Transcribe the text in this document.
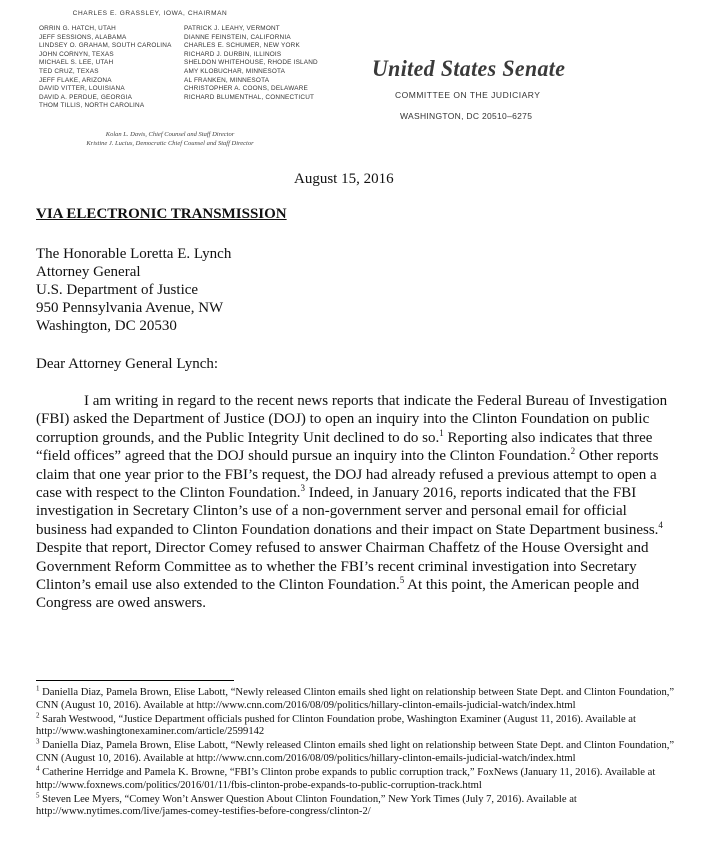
CHARLES E. GRASSLEY, IOWA, CHAIRMAN
ORRIN G. HATCH, UTAH
JEFF SESSIONS, ALABAMA
LINDSEY O. GRAHAM, SOUTH CAROLINA
JOHN CORNYN, TEXAS
MICHAEL S. LEE, UTAH
TED CRUZ, TEXAS
JEFF FLAKE, ARIZONA
DAVID VITTER, LOUISIANA
DAVID A. PERDUE, GEORGIA
THOM TILLIS, NORTH CAROLINA
PATRICK J. LEAHY, VERMONT
DIANNE FEINSTEIN, CALIFORNIA
CHARLES E. SCHUMER, NEW YORK
RICHARD J. DURBIN, ILLINOIS
SHELDON WHITEHOUSE, RHODE ISLAND
AMY KLOBUCHAR, MINNESOTA
AL FRANKEN, MINNESOTA
CHRISTOPHER A. COONS, DELAWARE
RICHARD BLUMENTHAL, CONNECTICUT
United States Senate
COMMITTEE ON THE JUDICIARY
WASHINGTON, DC 20510–6275
Kolan L. Davis, Chief Counsel and Staff Director
Kristine J. Lucius, Democratic Chief Counsel and Staff Director
August 15, 2016
VIA ELECTRONIC TRANSMISSION
The Honorable Loretta E. Lynch
Attorney General
U.S. Department of Justice
950 Pennsylvania Avenue, NW
Washington, DC 20530
Dear Attorney General Lynch:

I am writing in regard to the recent news reports that indicate the Federal Bureau of Investigation (FBI) asked the Department of Justice (DOJ) to open an inquiry into the Clinton Foundation on public corruption grounds, and the Public Integrity Unit declined to do so.$^1$ Reporting also indicates that three “field offices” agreed that the DOJ should pursue an inquiry into the Clinton Foundation.$^2$ Other reports claim that one year prior to the FBI’s request, the DOJ had already refused a previous attempt to open a case with respect to the Clinton Foundation.$^3$ Indeed, in January 2016, reports indicated that the FBI investigation in Secretary Clinton’s use of a non-government server and personal email for official business had expanded to Clinton Foundation donations and their impact on State Department business.$^4$ Despite that report, Director Comey refused to answer Chairman Chaffetz of the House Oversight and Government Reform Committee as to whether the FBI’s recent criminal investigation into Secretary Clinton’s email use also extended to the Clinton Foundation.$^5$ At this point, the American people and Congress are owed answers.

$^1$ Daniella Diaz, Pamela Brown, Elise Labott, “Newly released Clinton emails shed light on relationship between State Dept. and Clinton Foundation,” CNN (August 10, 2016). Available at http://www.cnn.com/2016/08/09/politics/hillary-clinton-emails-judicial-watch/index.html
$^2$ Sarah Westwood, “Justice Department officials pushed for Clinton Foundation probe, Washington Examiner (August 11, 2016). Available at http://www.washingtonexaminer.com/article/2599142
$^3$ Daniella Diaz, Pamela Brown, Elise Labott, “Newly released Clinton emails shed light on relationship between State Dept. and Clinton Foundation,” CNN (August 10, 2016). Available at http://www.cnn.com/2016/08/09/politics/hillary-clinton-emails-judicial-watch/index.html
$^4$ Catherine Herridge and Pamela K. Browne, “FBI’s Clinton probe expands to public corruption track,” FoxNews (January 11, 2016). Available at http://www.foxnews.com/politics/2016/01/11/fbis-clinton-probe-expands-to-public-corruption-track.html
$^5$ Steven Lee Myers, “Comey Won’t Answer Question About Clinton Foundation,” New York Times (July 7, 2016). Available at http://www.nytimes.com/live/james-comey-testifies-before-congress/clinton-2/
